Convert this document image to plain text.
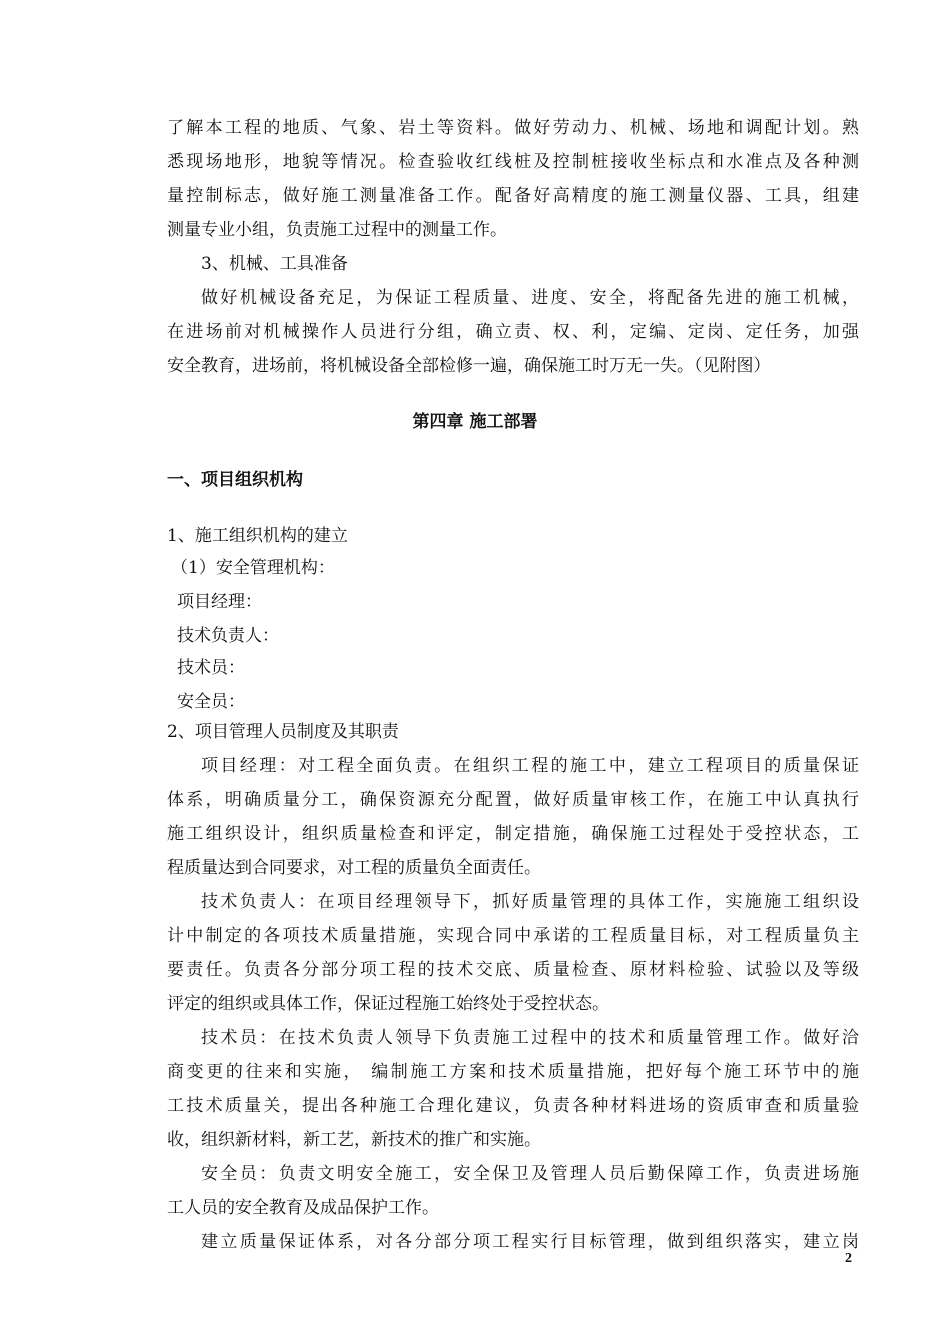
了解本工程的地质、气象、岩土等资料。做好劳动力、机械、场地和调配计划。熟
悉现场地形，地貌等情况。检查验收红线桩及控制桩接收坐标点和水准点及各种测
量控制标志，做好施工测量准备工作。配备好高精度的施工测量仪器、工具，组建
测量专业小组，负责施工过程中的测量工作。
3、机械、工具准备
做好机械设备充足，为保证工程质量、进度、安全，将配备先进的施工机械，
在进场前对机械操作人员进行分组，确立责、权、利，定编、定岗、定任务，加强
安全教育，进场前，将机械设备全部检修一遍，确保施工时万无一失。（见附图）
第四章 施工部署
一、项目组织机构
1、施工组织机构的建立
（1）安全管理机构：
项目经理：
技术负责人：
技术员：
安全员：
2、项目管理人员制度及其职责
项目经理：对工程全面负责。在组织工程的施工中，建立工程项目的质量保证
体系，明确质量分工，确保资源充分配置，做好质量审核工作，在施工中认真执行
施工组织设计，组织质量检查和评定，制定措施，确保施工过程处于受控状态，工
程质量达到合同要求，对工程的质量负全面责任。
技术负责人：在项目经理领导下，抓好质量管理的具体工作，实施施工组织设
计中制定的各项技术质量措施，实现合同中承诺的工程质量目标，对工程质量负主
要责任。负责各分部分项工程的技术交底、质量检查、原材料检验、试验以及等级
评定的组织或具体工作，保证过程施工始终处于受控状态。
技术员：在技术负责人领导下负责施工过程中的技术和质量管理工作。做好洽
商变更的往来和实施， 编制施工方案和技术质量措施，把好每个施工环节中的施
工技术质量关，提出各种施工合理化建议，负责各种材料进场的资质审查和质量验
收，组织新材料，新工艺，新技术的推广和实施。
安全员：负责文明安全施工，安全保卫及管理人员后勤保障工作，负责进场施
工人员的安全教育及成品保护工作。
建立质量保证体系，对各分部分项工程实行目标管理，做到组织落实，建立岗
2
